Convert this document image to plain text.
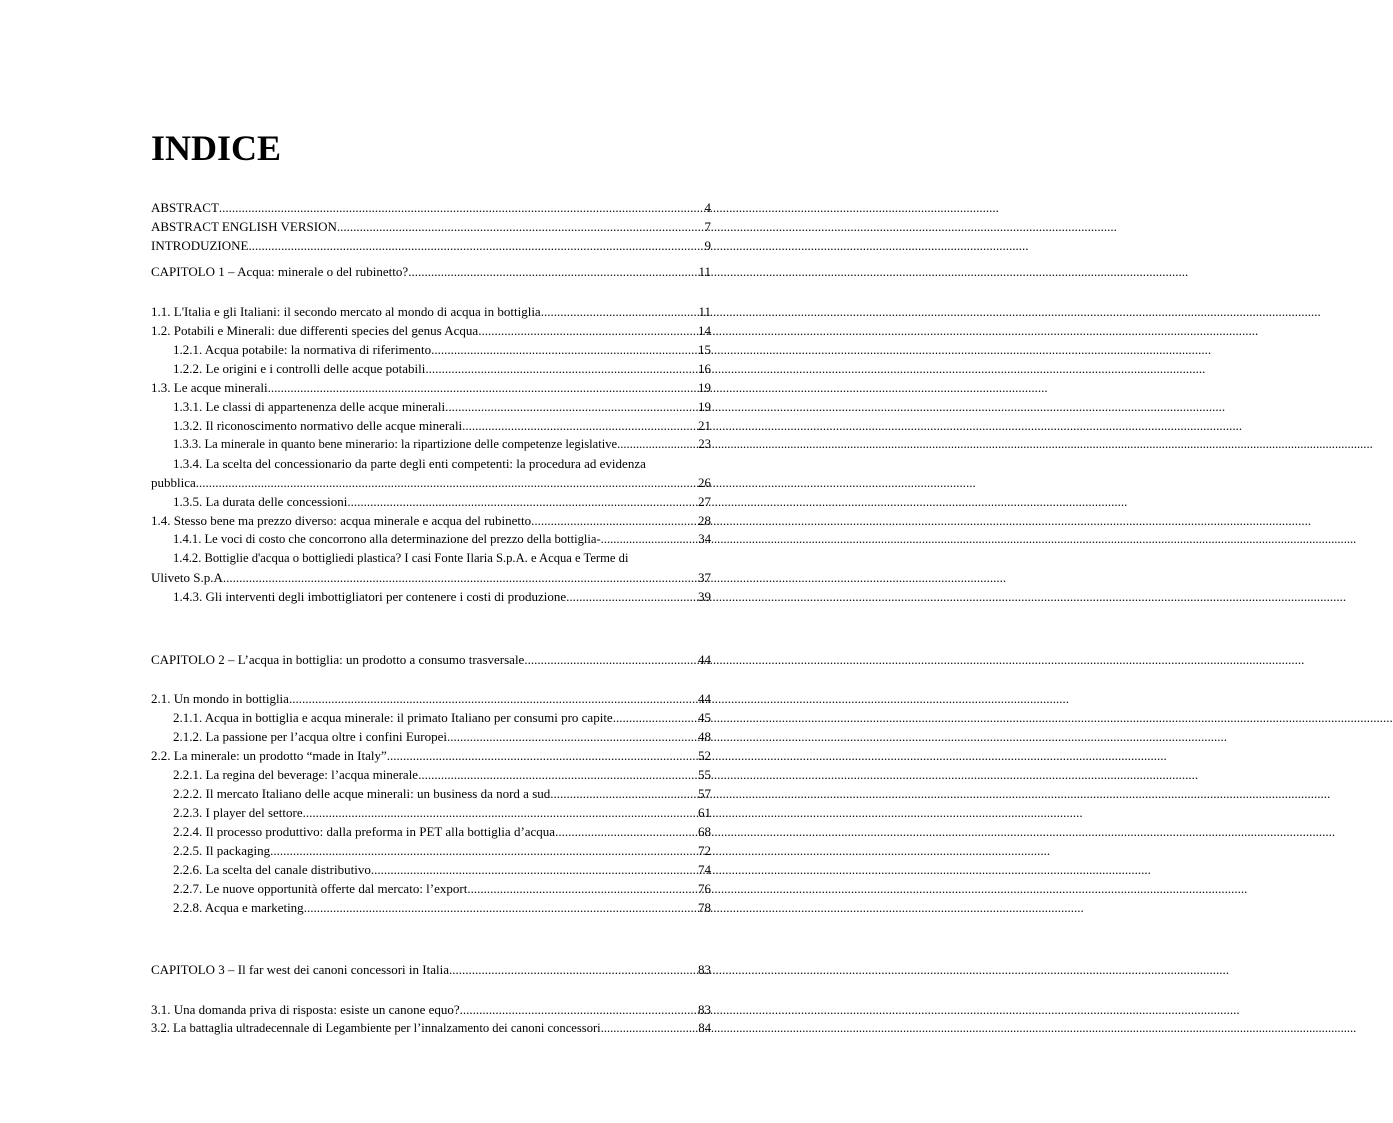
INDICE
ABSTRACT .....	4
ABSTRACT ENGLISH VERSION .....	7
INTRODUZIONE .....	9
CAPITOLO 1 – Acqua: minerale o del rubinetto? .....	11
1.1. L'Italia e gli Italiani: il secondo mercato al mondo di acqua in bottiglia .....	11
1.2. Potabili e Minerali: due differenti species del genus Acqua .....	14
1.2.1. Acqua potabile: la normativa di riferimento .....	15
1.2.2. Le origini e i controlli delle acque potabili .....	16
1.3. Le acque minerali .....	19
1.3.1. Le classi di appartenenza delle acque minerali .....	19
1.3.2. Il riconoscimento normativo delle acque minerali .....	21
1.3.3. La minerale in quanto bene minerario: la ripartizione delle competenze legislative .....	23
1.3.4. La scelta del concessionario da parte degli enti competenti: la procedura ad evidenza
pubblica .....	26
1.3.5. La durata delle concessioni .....	27
1.4. Stesso bene ma prezzo diverso: acqua minerale e acqua del rubinetto .....	28
1.4.1. Le voci di costo che concorrono alla determinazione del prezzo della bottiglia- .....	34
1.4.2. Bottiglie d'acqua o bottigliedi plastica? I casi Fonte Ilaria S.p.A. e Acqua e Terme di
Uliveto S.p.A. .....	37
1.4.3. Gli interventi degli imbottigliatori per contenere i costi di produzione .....	39
CAPITOLO 2 – L’acqua in bottiglia: un prodotto a consumo trasversale .....	44
2.1. Un mondo in bottiglia .....	44
2.1.1. Acqua in bottiglia e acqua minerale: il primato Italiano per consumi pro capite .....	45
2.1.2. La passione per l’acqua oltre i confini Europei .....	48
2.2. La minerale: un prodotto “made in Italy” .....	52
2.2.1. La regina del beverage: l’acqua minerale .....	55
2.2.2. Il mercato Italiano delle acque minerali: un business da nord a sud .....	57
2.2.3. I player del settore .....	61
2.2.4. Il processo produttivo: dalla preforma in PET alla bottiglia d’acqua .....	68
2.2.5. Il packaging .....	72
2.2.6. La scelta del canale distributivo .....	74
2.2.7. Le nuove opportunità offerte dal mercato: l’export .....	76
2.2.8. Acqua e marketing .....	78
CAPITOLO 3 – Il far west dei canoni concessori in Italia .....	83
3.1. Una domanda priva di risposta: esiste un canone equo? .....	83
3.2. La battaglia ultradecennale di Legambiente per l’innalzamento dei canoni concessori .....	84
